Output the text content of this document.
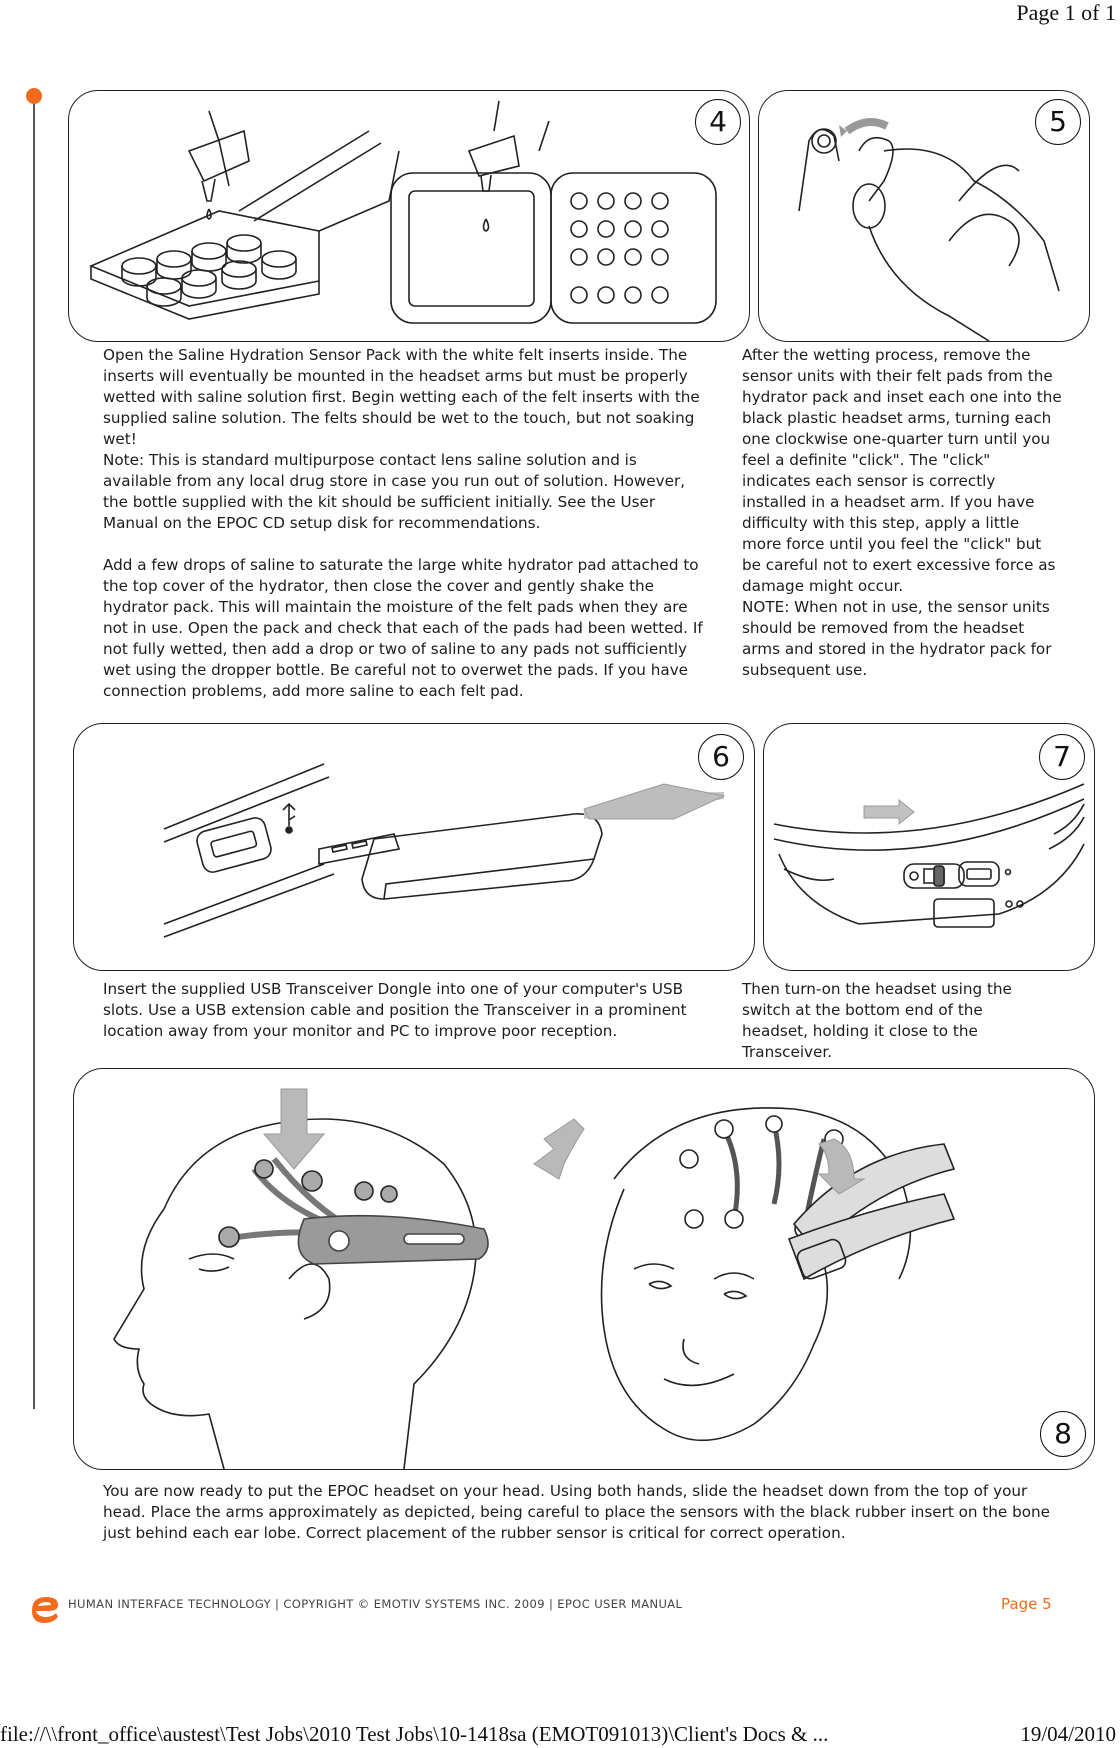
Page 1 of 1
4	5

Open the Saline Hydration Sensor Pack with the white felt inserts inside. The inserts will eventually be mounted in the headset arms but must be properly wetted with saline solution first. Begin wetting each of the felt inserts with the supplied saline solution. The felts should be wet to the touch, but not soaking wet!

Note: This is standard multipurpose contact lens saline solution and is available from any local drug store in case you run out of solution. However, the bottle supplied with the kit should be sufficient initially. See the User Manual on the EPOC CD setup disk for recommendations.

Add a few drops of saline to saturate the large white hydrator pad attached to the top cover of the hydrator, then close the cover and gently shake the hydrator pack. This will maintain the moisture of the felt pads when they are not in use. Open the pack and check that each of the pads had been wetted. If not fully wetted, then add a drop or two of saline to any pads not sufficiently wet using the dropper bottle. Be careful not to overwet the pads. If you have connection problems, add more saline to each felt pad.

After the wetting process, remove the sensor units with their felt pads from the hydrator pack and inset each one into the black plastic headset arms, turning each one clockwise one-quarter turn until you feel a definite "click". The "click" indicates each sensor is correctly installed in a headset arm. If you have difficulty with this step, apply a little more force until you feel the "click" but be careful not to exert excessive force as damage might occur.

NOTE: When not in use, the sensor units should be removed from the headset arms and stored in the hydrator pack for subsequent use.

6	7

Insert the supplied USB Transceiver Dongle into one of your computer's USB slots. Use a USB extension cable and position the Transceiver in a prominent location away from your monitor and PC to improve poor reception.

Then turn-on the headset using the switch at the bottom end of the headset, holding it close to the Transceiver.

8

You are now ready to put the EPOC headset on your head. Using both hands, slide the headset down from the top of your head. Place the arms approximately as depicted, being careful to place the sensors with the black rubber insert on the bone just behind each ear lobe. Correct placement of the rubber sensor is critical for correct operation.

HUMAN INTERFACE TECHNOLOGY | COPYRIGHT © EMOTIV SYSTEMS INC. 2009 | EPOC USER MANUAL	Page 5
file://\\front_office\austest\Test Jobs\2010 Test Jobs\10-1418sa (EMOT091013)\Client's Docs & ...	19/04/2010
